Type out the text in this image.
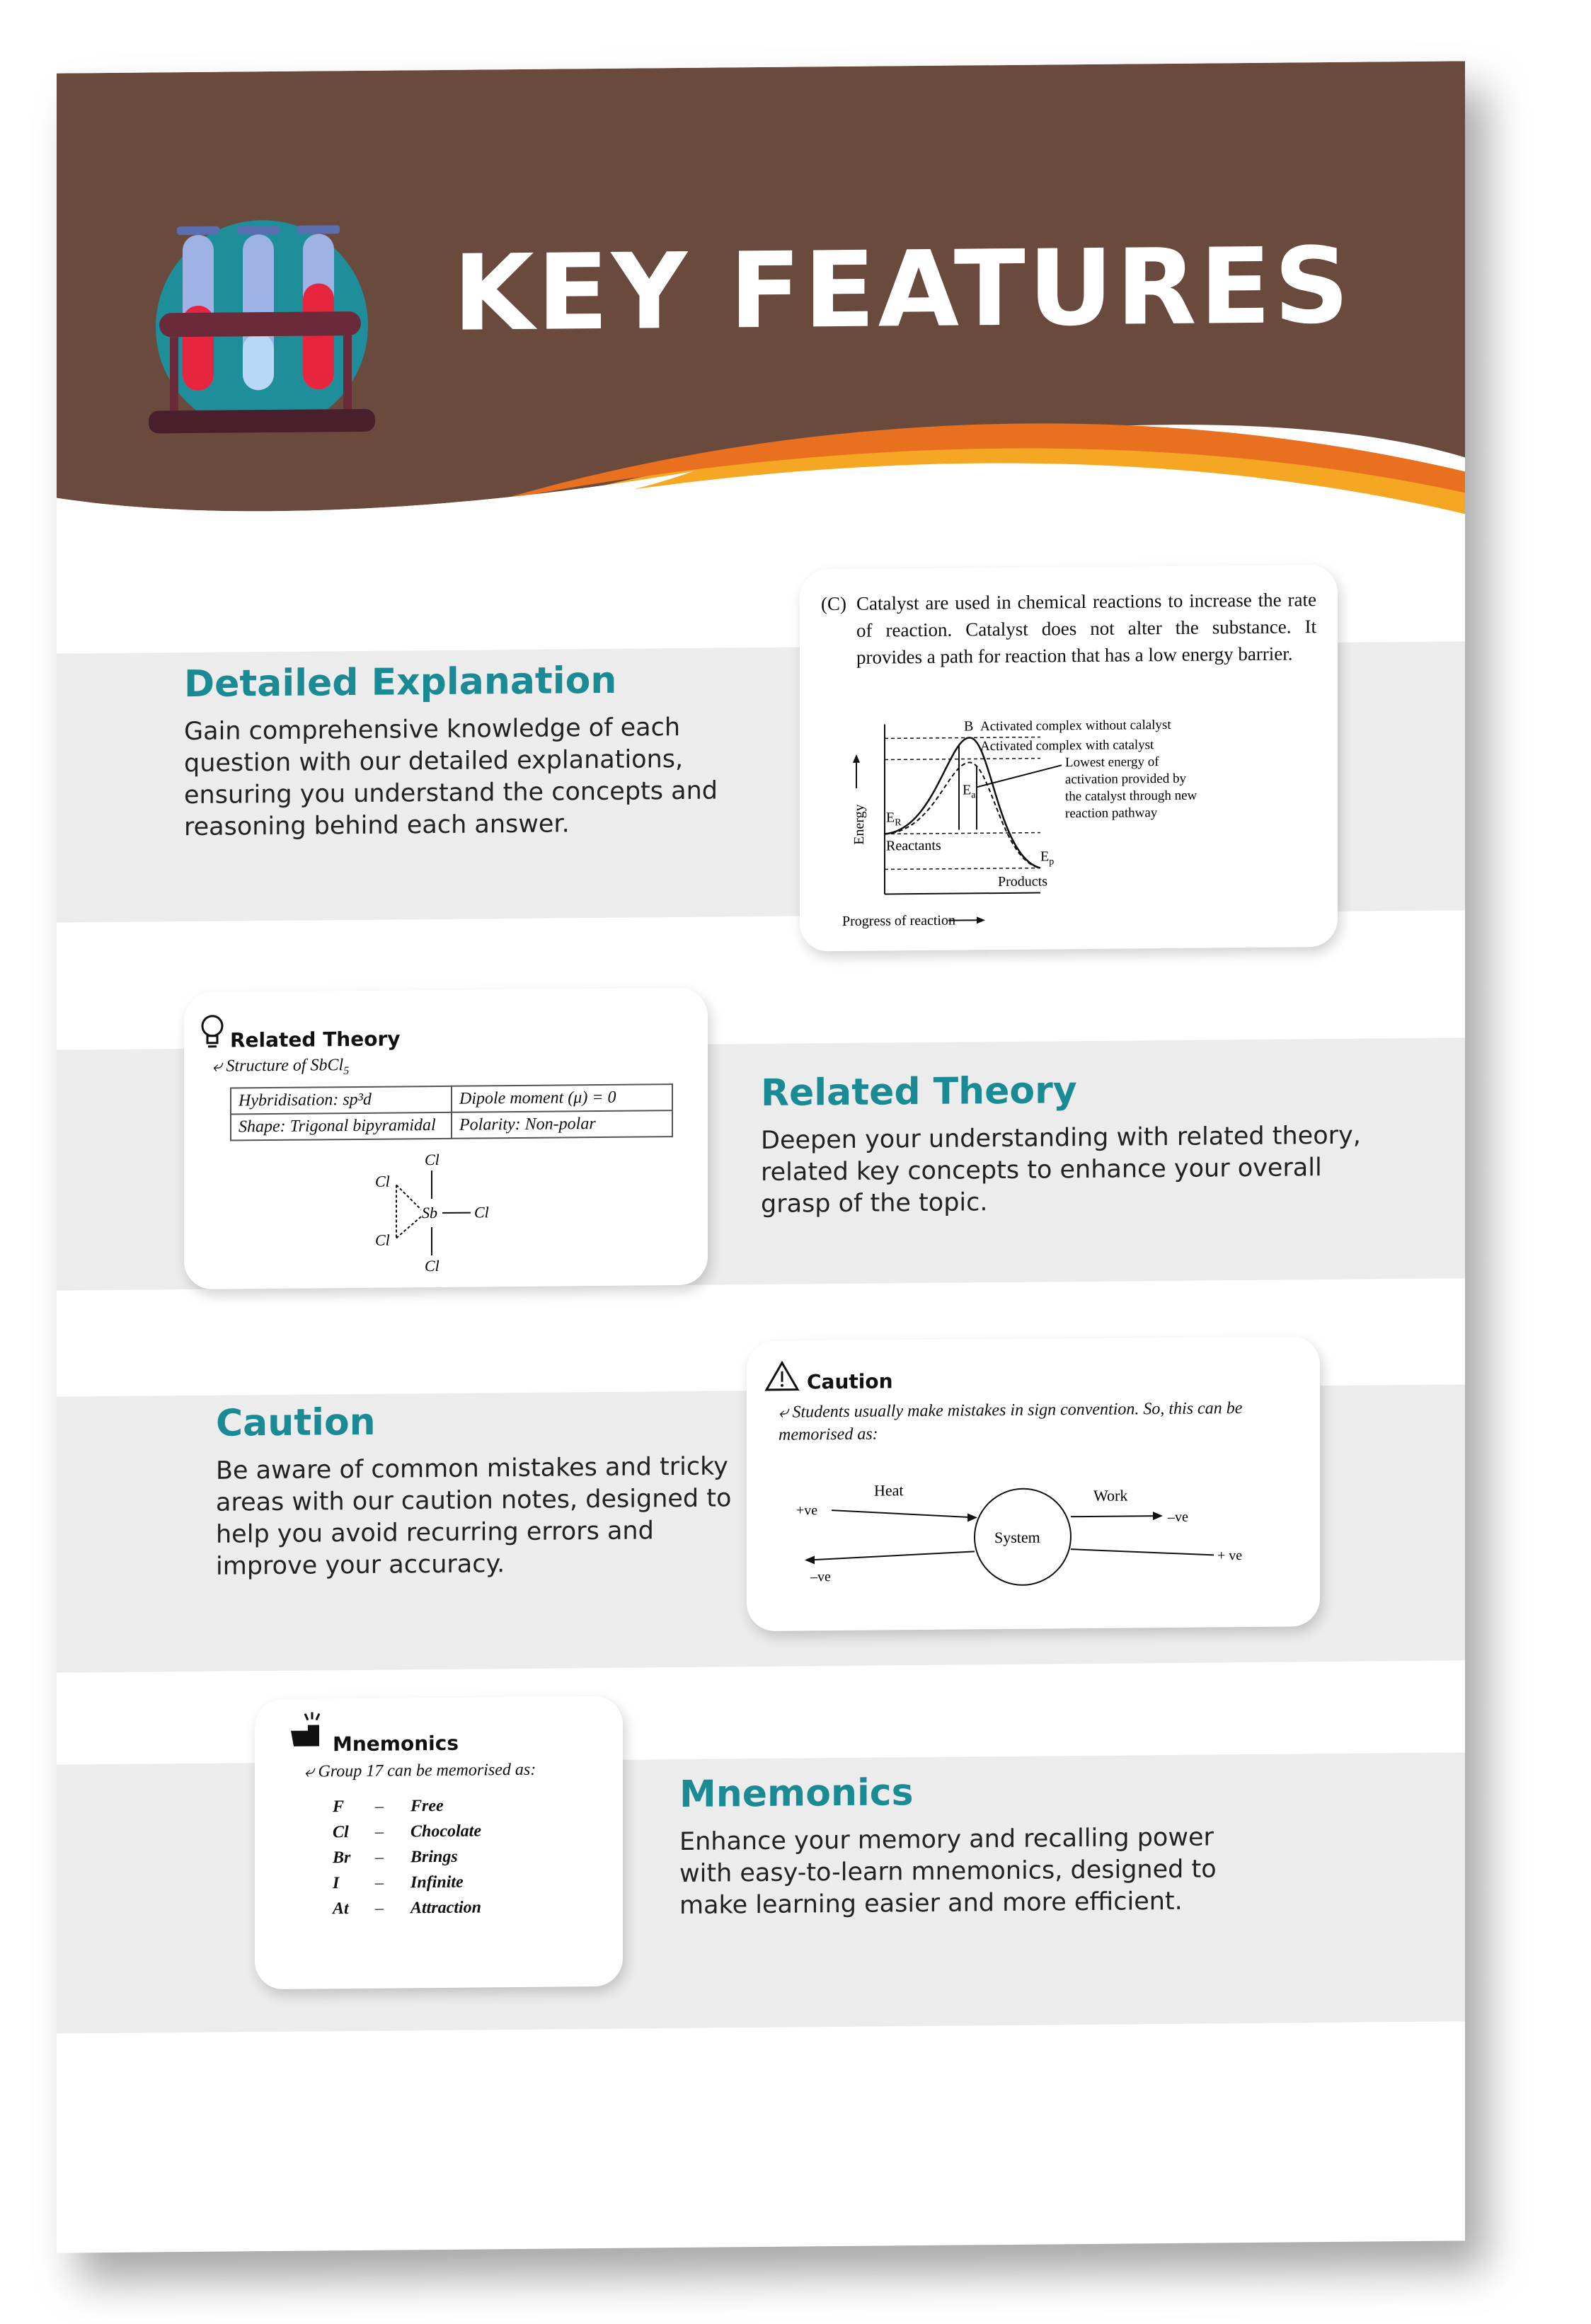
KEY FEATURES
Detailed Explanation
Gain comprehensive knowledge of each question with our detailed explanations, ensuring you understand the concepts and reasoning behind each answer.
(C) Catalyst are used in chemical reactions to increase the rate of reaction. Catalyst does not alter the substance. It provides a path for reaction that has a low energy barrier.
B Activated complex without calalyst
Activated complex with catalyst
Lowest energy of
activation provided by
the catalyst through new
reaction pathway
Energy $E_R$
$E_a$
$E_p$
Reactants
Products
Progress of reaction
Related Theory
⤶ Structure of SbCl$_5$
Hybridisation: sp³d	Dipole moment (μ) = 0
Shape: Trigonal bipyramidal	Polarity: Non-polar
Cl
Sb Cl
Cl
Cl
Cl
Related Theory
Deepen your understanding with related theory, related key concepts to enhance your overall grasp of the topic.
Caution
Be aware of common mistakes and tricky areas with our caution notes, designed to help you avoid recurring errors and improve your accuracy.
Caution
⤶ Students usually make mistakes in sign convention. So, this can be memorised as:
Heat	Work
System
+ve	–ve
–ve
+ ve
Mnemonics
⤶ Group 17 can be memorised as:
F – Free
Cl – Chocolate
Br – Brings
I – Infinite
At – Attraction
Mnemonics
Enhance your memory and recalling power with easy-to-learn mnemonics, designed to make learning easier and more efficient.
